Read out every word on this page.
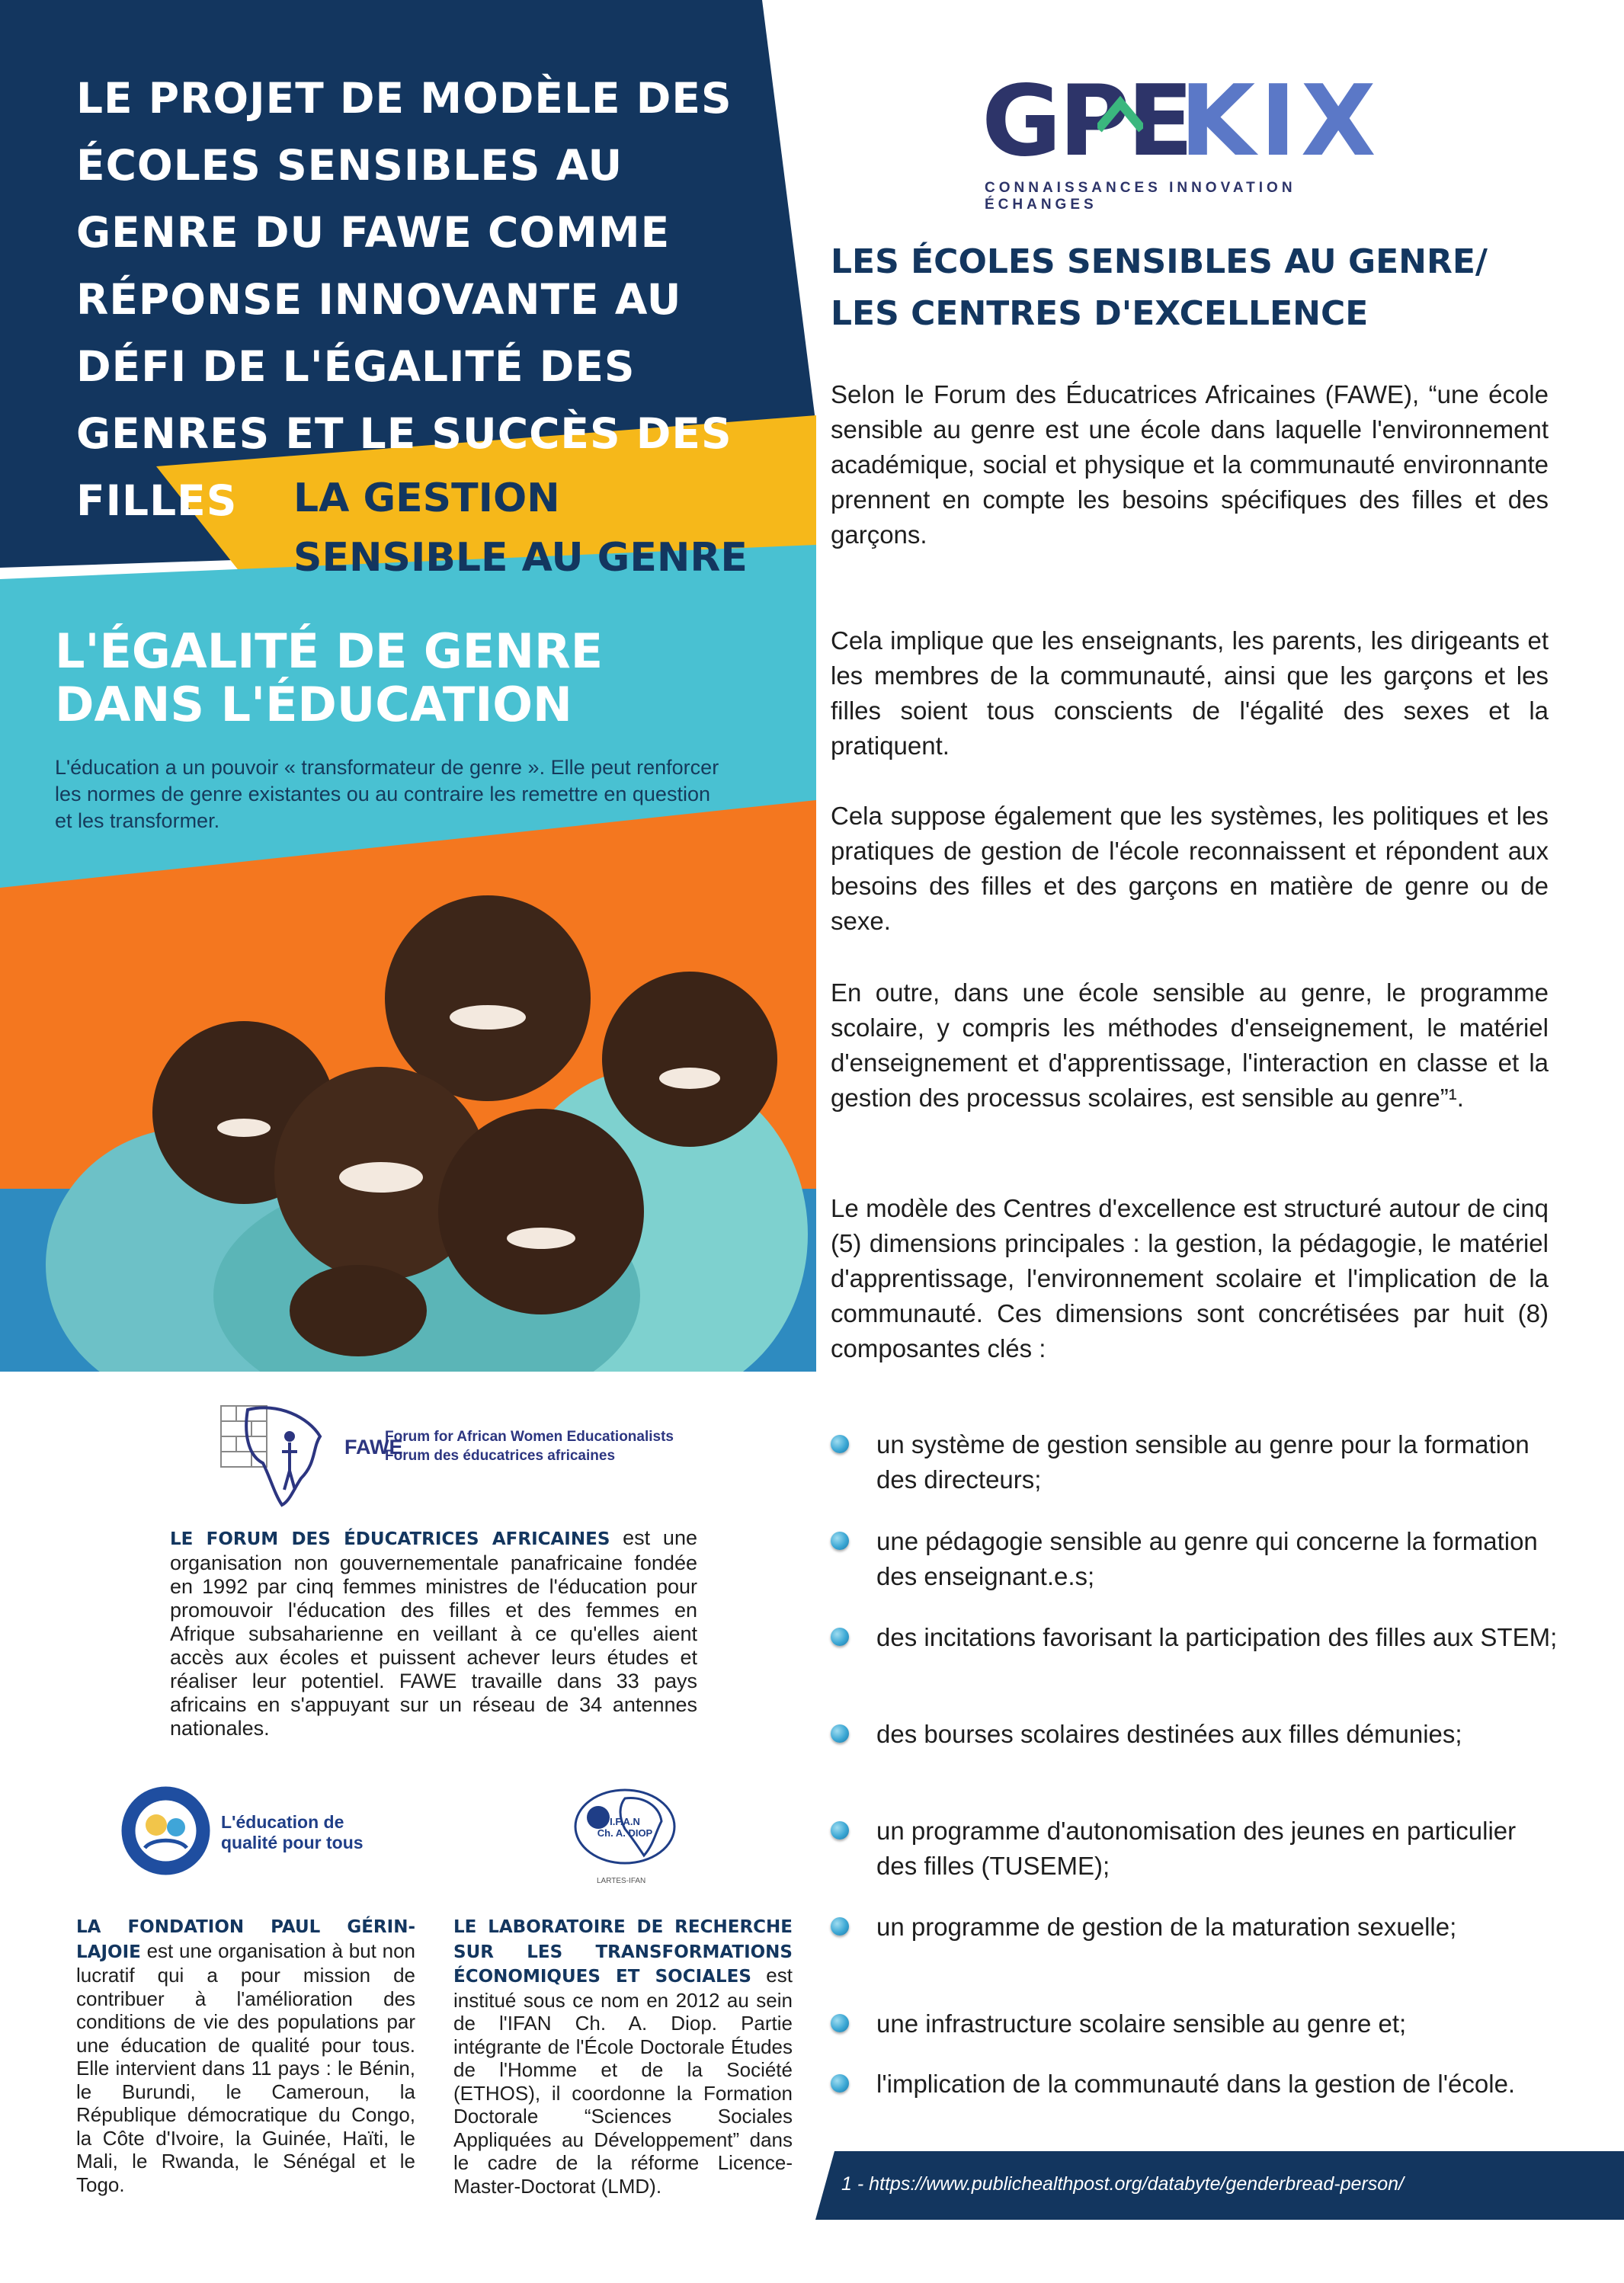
LE PROJET DE MODÈLE DES ÉCOLES SENSIBLES AU GENRE DU FAWE COMME RÉPONSE INNOVANTE AU DÉFI DE L'ÉGALITÉ DES GENRES ET LE SUCCÈS DES FILLES	LA GESTION SENSIBLE AU GENRE
L'ÉGALITÉ DE GENRE DANS L'ÉDUCATION
L'éducation a un pouvoir « transformateur de genre ». Elle peut renforcer les normes de genre existantes ou au contraire les remettre en question et les transformer.
GPE
KIX
CONNAISSANCES INNOVATION ÉCHANGES
LES ÉCOLES SENSIBLES AU GENRE/ LES CENTRES D'EXCELLENCE
Selon le Forum des Éducatrices Africaines (FAWE), “une école sensible au genre est une école dans laquelle l'environnement académique, social et physique et la communauté environnante prennent en compte les besoins spécifiques des filles et des garçons.
Cela implique que les enseignants, les parents, les dirigeants et les membres de la communauté, ainsi que les garçons et les filles soient tous conscients de l'égalité des sexes et la pratiquent.
Cela suppose également que les systèmes, les politiques et les pratiques de gestion de l'école reconnaissent et répondent aux besoins des filles et des garçons en matière de genre ou de sexe.
En outre, dans une école sensible au genre, le programme scolaire, y compris les méthodes d'enseignement, le matériel d'enseignement et d'apprentissage, l'interaction en classe et la gestion des processus scolaires, est sensible au genre”¹.
Le modèle des Centres d'excellence est structuré autour de cinq (5) dimensions principales : la gestion, la pédagogie, le matériel d'apprentissage, l'environnement scolaire et l'implication de la communauté. Ces dimensions sont concrétisées par huit (8) composantes clés :
un système de gestion sensible au genre pour la formation des directeurs;
une pédagogie sensible au genre qui concerne la formation des enseignant.e.s;
des incitations favorisant la participation des filles aux STEM;
des bourses scolaires destinées aux filles démunies;
un programme d'autonomisation des jeunes en particulier des filles (TUSEME);
un programme de gestion de la maturation sexuelle;
une infrastructure scolaire sensible au genre et;
l'implication de la communauté dans la gestion de l'école.
1 - https://www.publichealthpost.org/databyte/genderbread-person/
FAWE
Forum for African Women Educationalists
Forum des éducatrices africaines
LE FORUM DES ÉDUCATRICES AFRICAINES est une organisation non gouvernementale panafricaine fondée en 1992 par cinq femmes ministres de l'éducation pour promouvoir l'éducation des filles et des femmes en Afrique subsaharienne en veillant à ce qu'elles aient accès aux écoles et puissent achever leurs études et réaliser leur potentiel. FAWE travaille dans 33 pays africains en s'appuyant sur un réseau de 34 antennes nationales.
L'éducation de qualité pour tous
LA FONDATION PAUL GÉRIN-LAJOIE est une organisation à but non lucratif qui a pour mission de contribuer à l'amélioration des conditions de vie des populations par une éducation de qualité pour tous. Elle intervient dans 11 pays : le Bénin, le Burundi, le Cameroun, la République démocratique du Congo, la Côte d'Ivoire, la Guinée, Haïti, le Mali, le Rwanda, le Sénégal et le Togo.
I.F.A.N
Ch. A. DIOP
LARTES-IFAN
LE LABORATOIRE DE RECHERCHE SUR LES TRANSFORMATIONS ÉCONOMIQUES ET SOCIALES est institué sous ce nom en 2012 au sein de l'IFAN Ch. A. Diop. Partie intégrante de l'École Doctorale Études de l'Homme et de la Société (ETHOS), il coordonne la Formation Doctorale “Sciences Sociales Appliquées au Développement” dans le cadre de la réforme Licence-Master-Doctorat (LMD).
